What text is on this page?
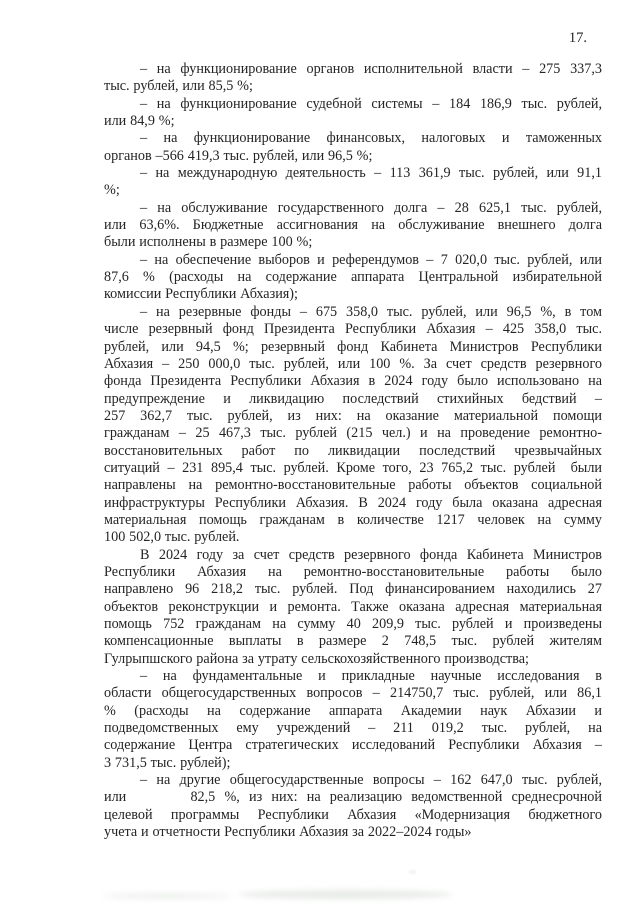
17.
– на функционирование органов исполнительной власти – 275 337,3
тыс. рублей, или 85,5 %;
– на функционирование судебной системы – 184 186,9 тыс. рублей,
или 84,9 %;
– на функционирование финансовых, налоговых и таможенных
органов –566 419,3 тыс. рублей, или 96,5 %;
– на международную деятельность – 113 361,9 тыс. рублей, или 91,1
%;
– на обслуживание государственного долга – 28 625,1 тыс. рублей,
или 63,6%. Бюджетные ассигнования на обслуживание внешнего долга
были исполнены в размере 100 %;
– на обеспечение выборов и референдумов – 7 020,0 тыс. рублей, или
87,6 % (расходы на содержание аппарата Центральной избирательной
комиссии Республики Абхазия);
– на резервные фонды – 675 358,0 тыс. рублей, или 96,5 %, в том
числе резервный фонд Президента Республики Абхазия – 425 358,0 тыс.
рублей, или 94,5 %; резервный фонд Кабинета Министров Республики
Абхазия – 250 000,0 тыс. рублей, или 100 %. За счет средств резервного
фонда Президента Республики Абхазия в 2024 году было использовано на
предупреждение и ликвидацию последствий стихийных бедствий –
257 362,7 тыс. рублей, из них: на оказание материальной помощи
гражданам – 25 467,3 тыс. рублей (215 чел.) и на проведение ремонтно-
восстановительных работ по ликвидации последствий чрезвычайных
ситуаций – 231 895,4 тыс. рублей. Кроме того, 23 765,2 тыс. рублей  были
направлены на ремонтно-восстановительные работы объектов социальной
инфраструктуры Республики Абхазия. В 2024 году была оказана адресная
материальная помощь гражданам в количестве 1217 человек на сумму
100 502,0 тыс. рублей.
В 2024 году за счет средств резервного фонда Кабинета Министров
Республики Абхазия на ремонтно-восстановительные работы было
направлено 96 218,2 тыс. рублей. Под финансированием находились 27
объектов реконструкции и ремонта. Также оказана адресная материальная
помощь 752 гражданам на сумму 40 209,9 тыс. рублей и произведены
компенсационные выплаты в размере 2 748,5 тыс. рублей жителям
Гулрыпшского района за утрату сельскохозяйственного производства;
– на фундаментальные и прикладные научные исследования в
области общегосударственных вопросов – 214750,7 тыс. рублей, или 86,1
% (расходы на содержание аппарата Академии наук Абхазии и
подведомственных ему учреждений – 211 019,2 тыс. рублей, на
содержание Центра стратегических исследований Республики Абхазия –
3 731,5 тыс. рублей);
– на другие общегосударственные вопросы – 162 647,0 тыс. рублей,
или       82,5 %, из них: на реализацию ведомственной среднесрочной
целевой программы Республики Абхазия «Модернизация бюджетного
учета и отчетности Республики Абхазия за 2022–2024 годы»
